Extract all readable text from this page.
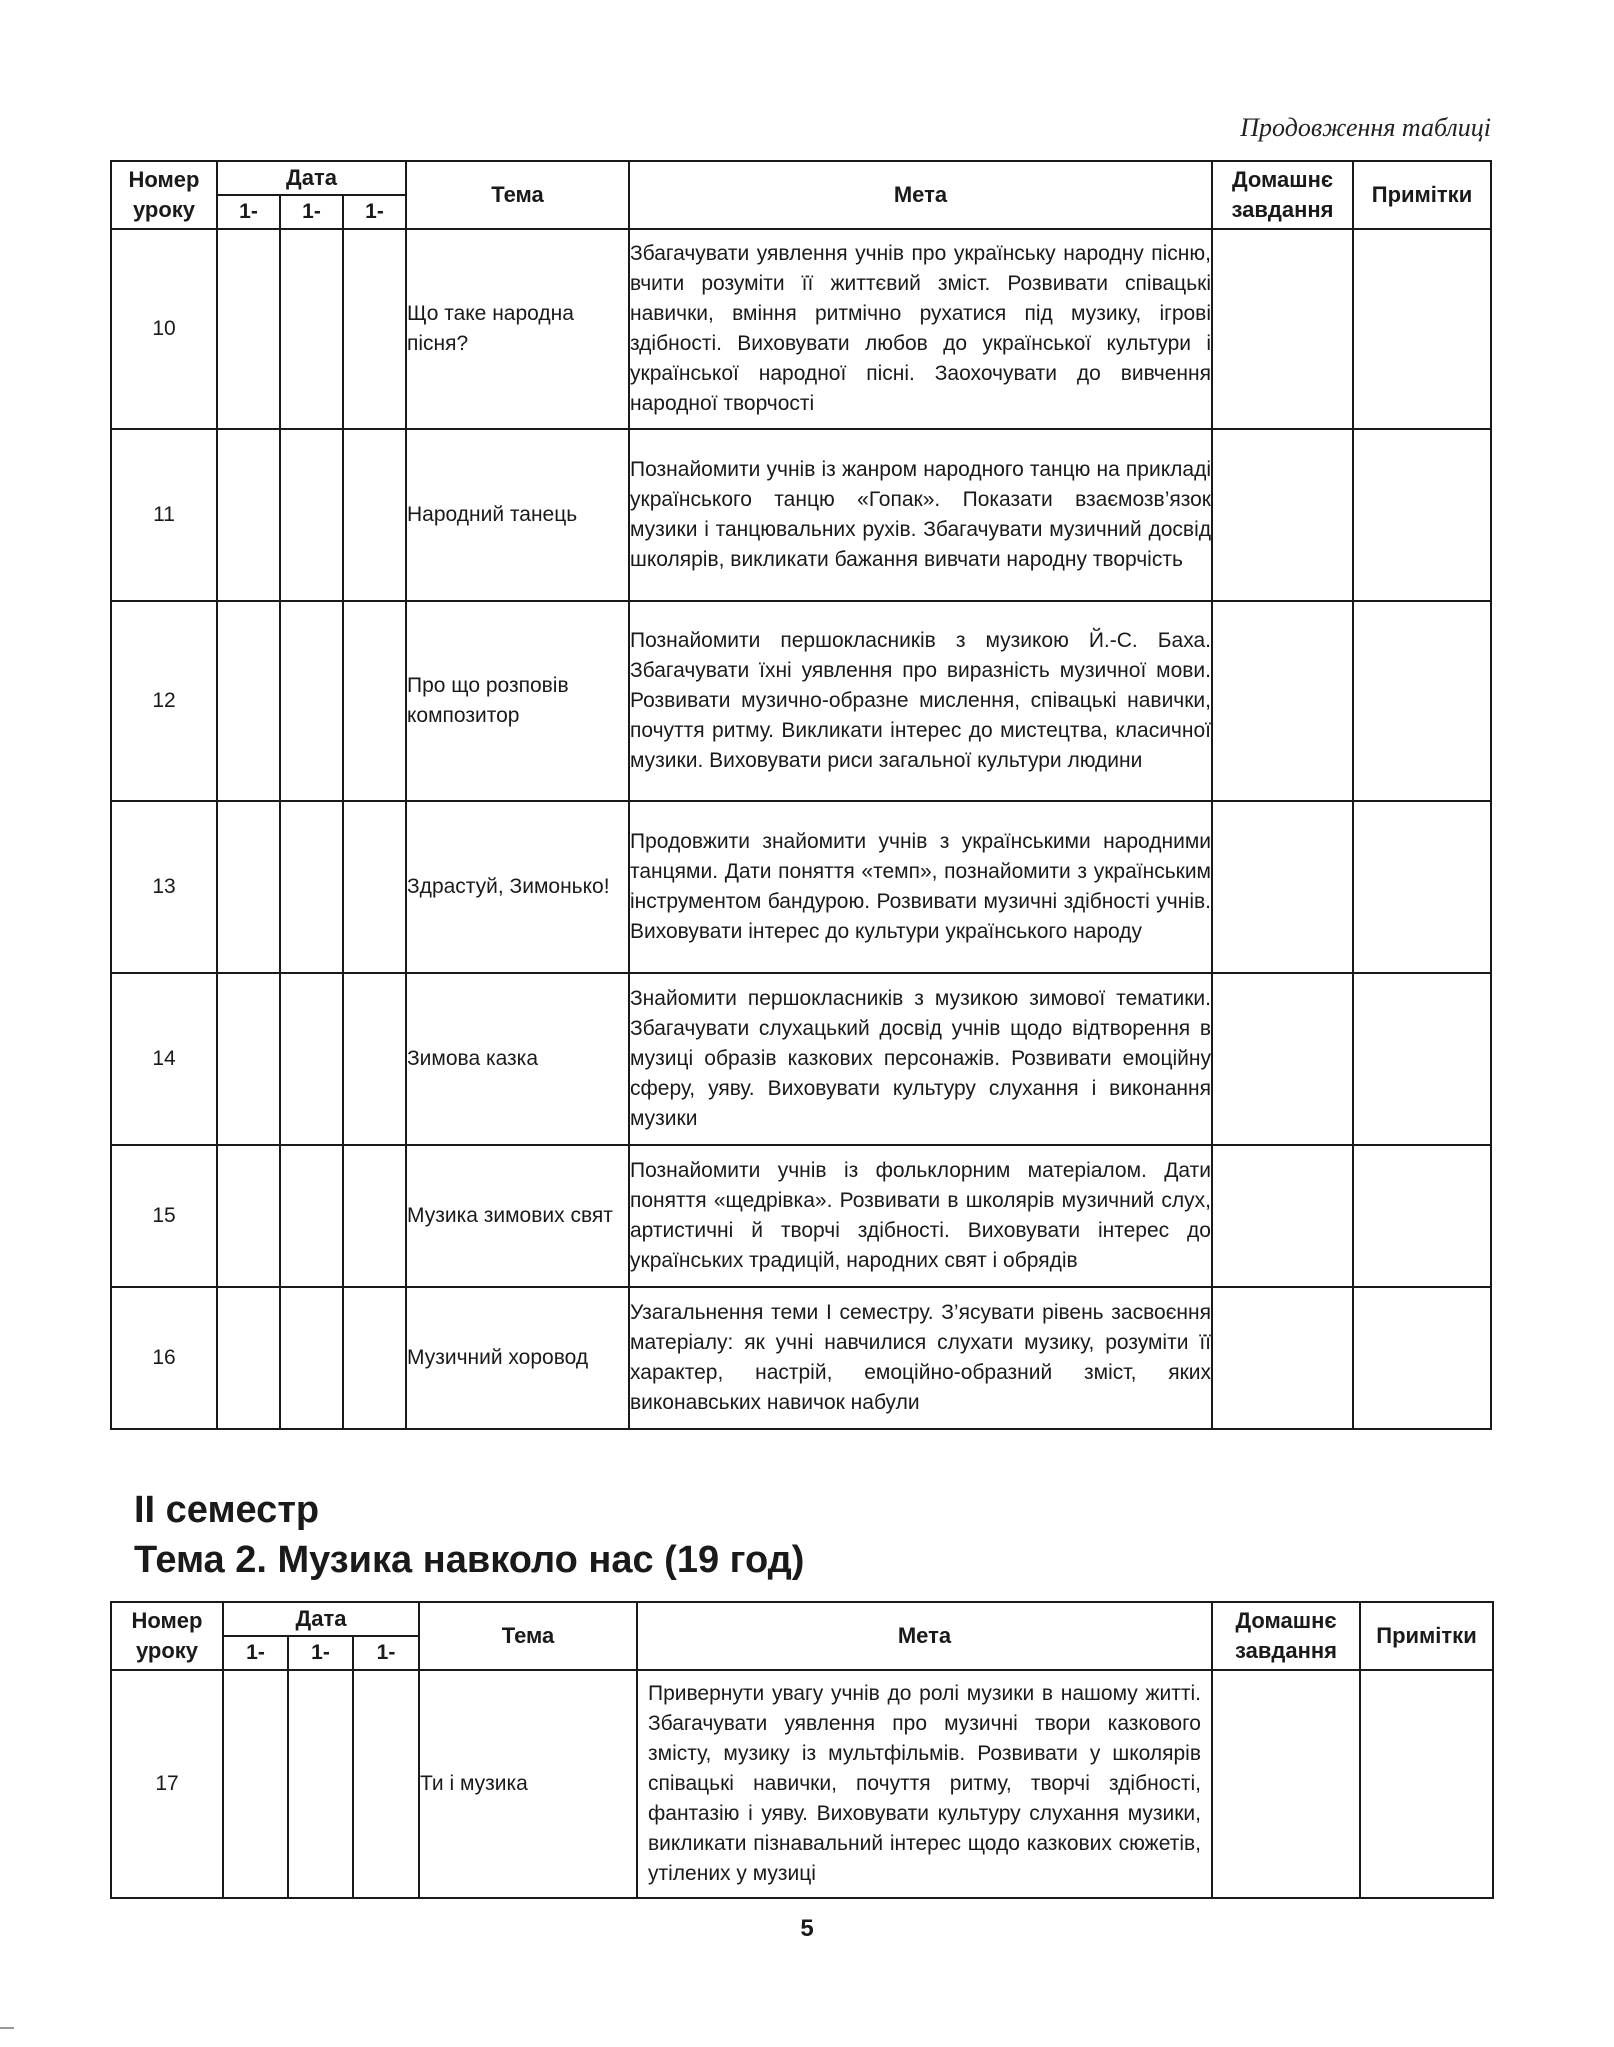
Продовження таблиці
Номер уроку	Дата			Тема	Мета	Домашнє завдання	Примітки
	1-	1-	1-				
10				Що таке народна пісня?	Збагачувати уявлення учнів про українську народну пісню, вчити розуміти її життєвий зміст. Розвивати співацькі навички, вміння ритмічно рухатися під музику, ігрові здібності. Виховувати любов до української культури і української народної пісні. Заохочувати до вивчення народної творчості		
11				Народний танець	Познайомити учнів із жанром народного танцю на прикладі українського танцю «Гопак». Показати взаємозв’язок музики і танцювальних рухів. Збагачувати музичний досвід школярів, викликати бажання вивчати народну творчість		
12				Про що розповів композитор	Познайомити першокласників з музикою Й.-С. Баха. Збагачувати їхні уявлення про виразність музичної мови. Розвивати музично-образне мислення, співацькі навички, почуття ритму. Викликати інтерес до мистецтва, класичної музики. Виховувати риси загальної культури людини		
13				Здрастуй, Зимонько!	Продовжити знайомити учнів з українськими народними танцями. Дати поняття «темп», познайомити з українським інструментом бандурою. Розвивати музичні здібності учнів. Виховувати інтерес до культури українського народу		
14				Зимова казка	Знайомити першокласників з музикою зимової тематики. Збагачувати слухацький досвід учнів щодо відтворення в музиці образів казкових персонажів. Розвивати емоційну сферу, уяву. Виховувати культуру слухання і виконання музики		
15				Музика зимових свят	Познайомити учнів із фольклорним матеріалом. Дати поняття «щедрівка». Розвивати в школярів музичний слух, артистичні й творчі здібності. Виховувати інтерес до українських традицій, народних свят і обрядів		
16				Музичний хоровод	Узагальнення теми І семестру. З’ясувати рівень засвоєння матеріалу: як учні навчилися слухати музику, розуміти її характер, настрій, емоційно-образний зміст, яких виконавських навичок набули		
ІІ семестр
Тема 2. Музика навколо нас (19 год)
Номер уроку	Дата			Тема	Мета	Домашнє завдання	Примітки
	1-	1-	1-				
17				Ти і музика	Привернути увагу учнів до ролі музики в нашому житті. Збагачувати уявлення про музичні твори казкового змісту, музику із мультфільмів. Розвивати у школярів співацькі навички, почуття ритму, творчі здібності, фантазію і уяву. Виховувати культуру слухання музики, викликати пізнавальний інтерес щодо казкових сюжетів, утілених у музиці		
5
